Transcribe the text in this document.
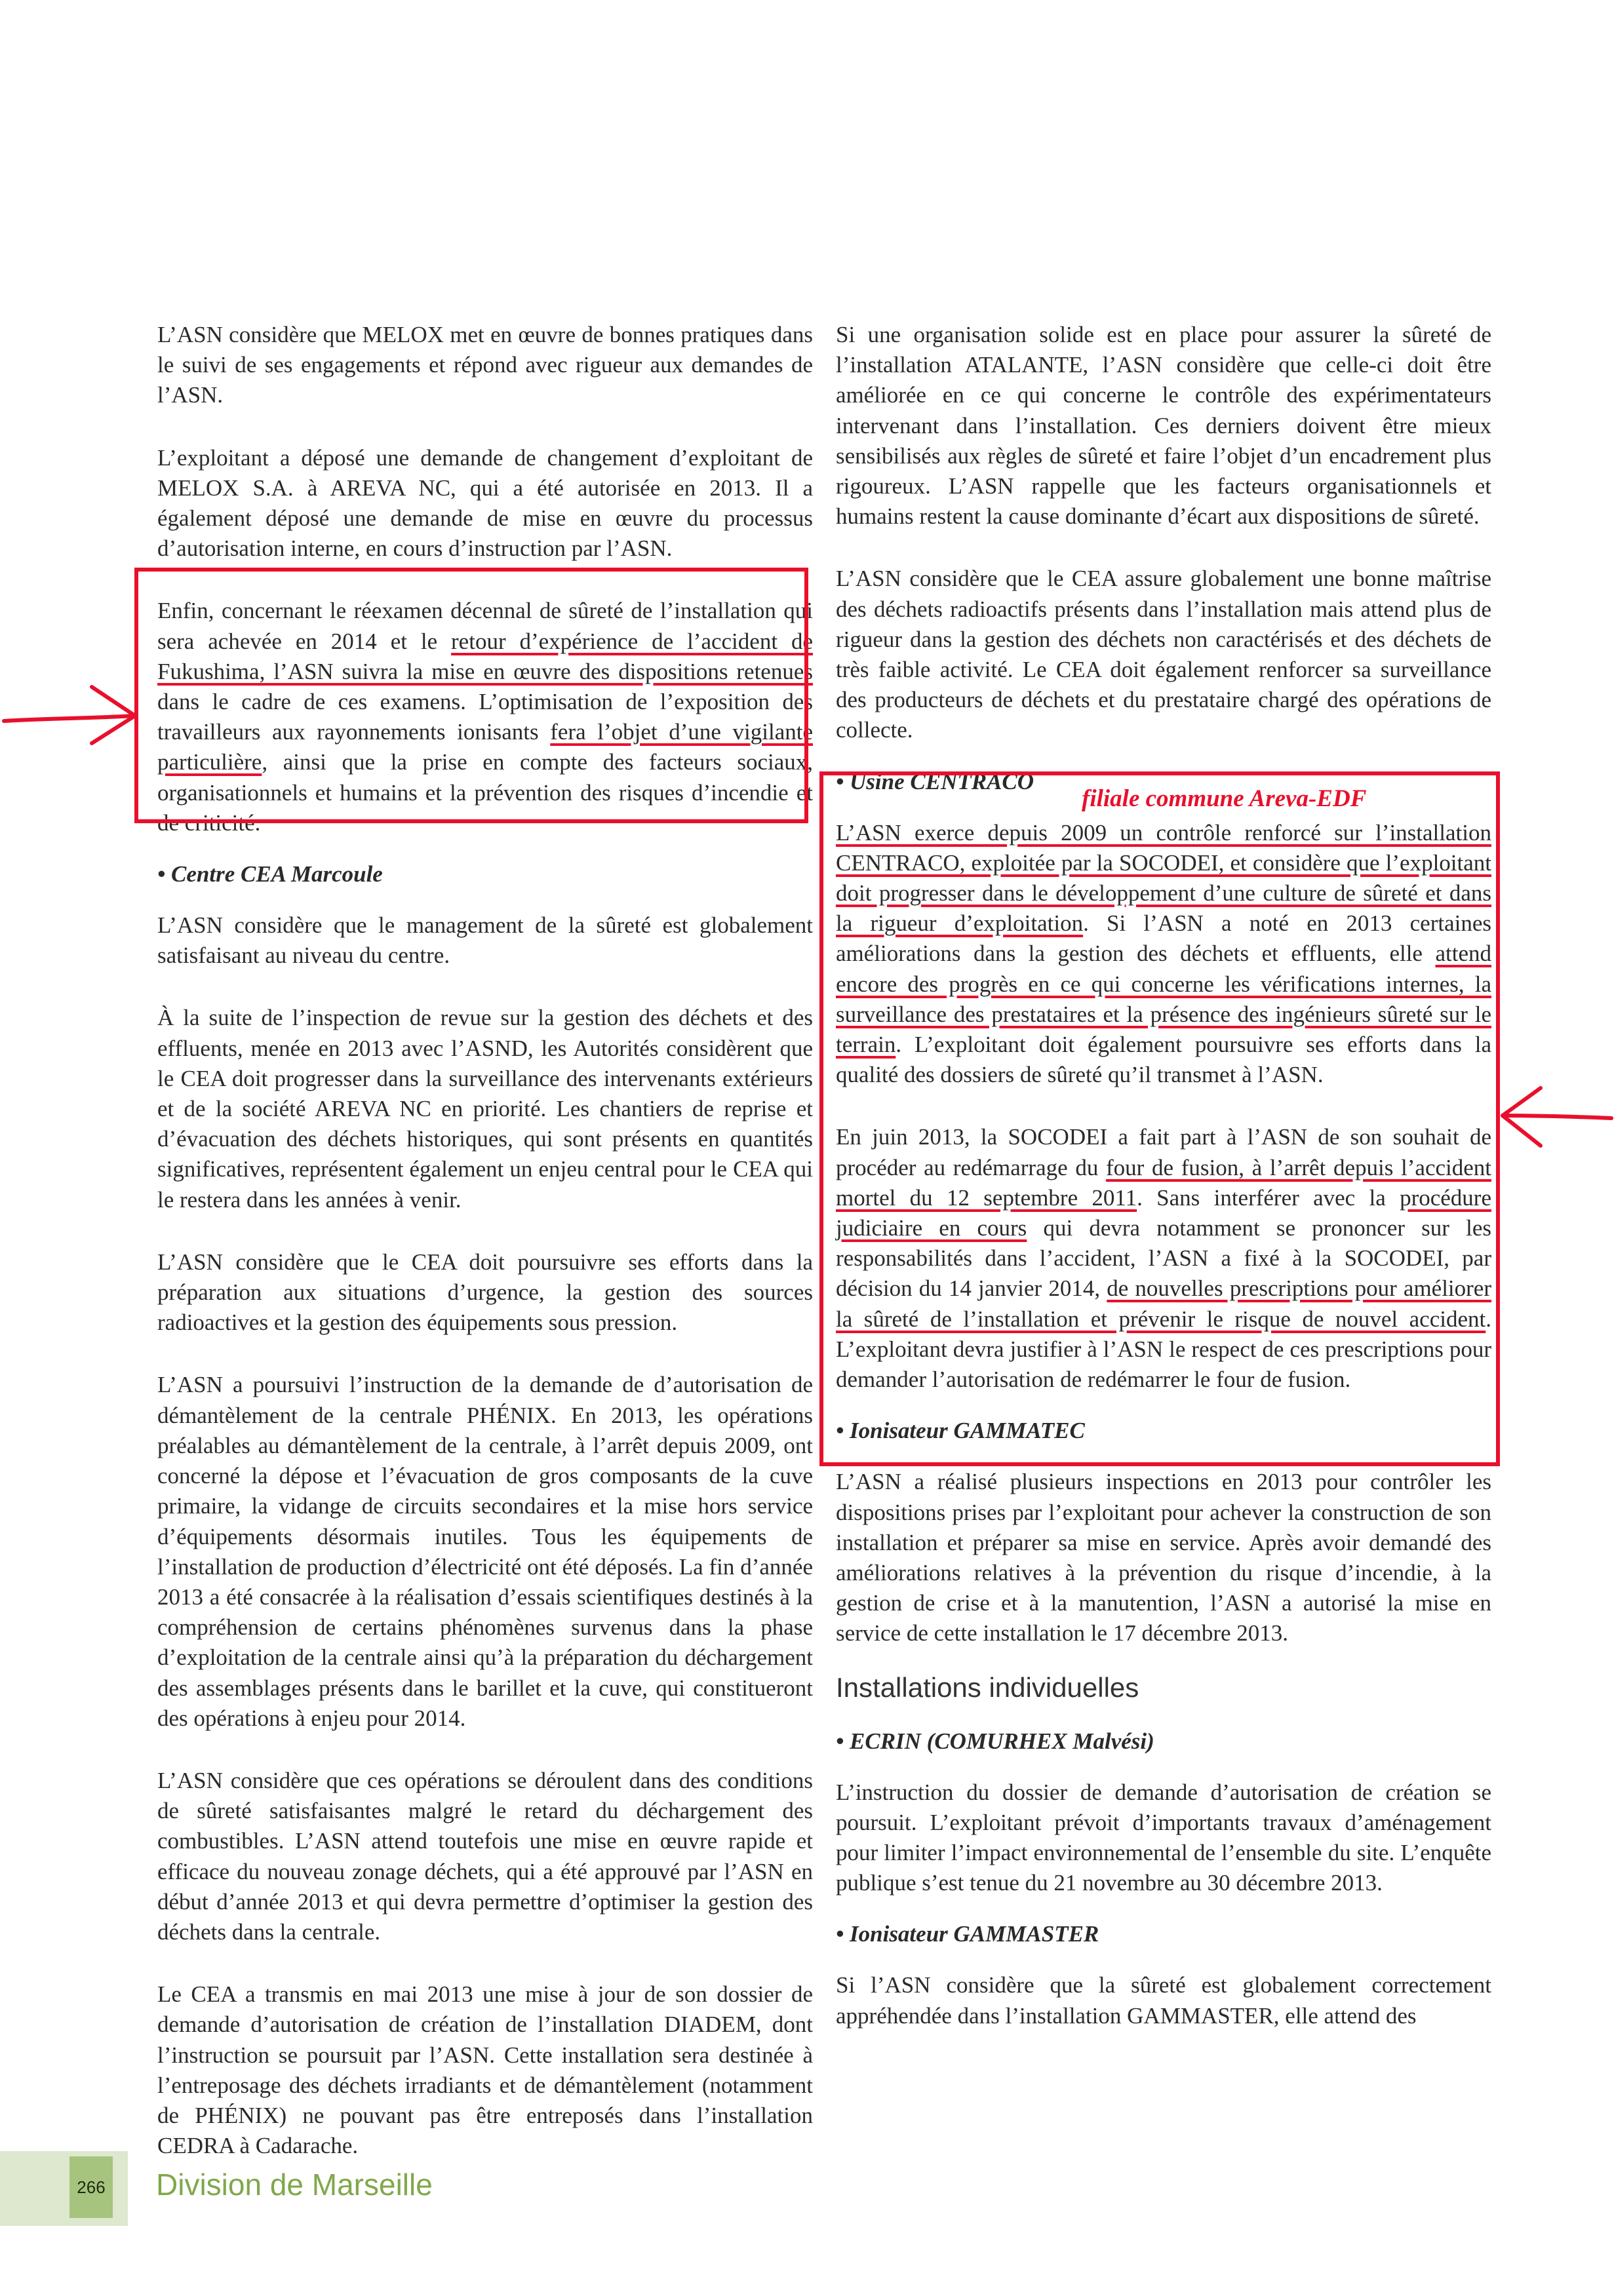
L’ASN considère que MELOX met en œuvre de bonnes pratiques dans le suivi de ses engagements et répond avec rigueur aux demandes de l’ASN.

L’exploitant a déposé une demande de changement d’exploitant de MELOX S.A. à AREVA NC, qui a été autorisée en 2013. Il a également déposé une demande de mise en œuvre du processus d’autorisation interne, en cours d’instruction par l’ASN.

Enfin, concernant le réexamen décennal de sûreté de l’installation qui sera achevée en 2014 et le retour d’expérience de l’accident de Fukushima, l’ASN suivra la mise en œuvre des dispositions retenues dans le cadre de ces examens. L’optimisation de l’exposition des travailleurs aux rayonnements ionisants fera l’objet d’une vigilante particulière, ainsi que la prise en compte des facteurs sociaux, organisationnels et humains et la prévention des risques d’incendie et de criticité.

• Centre CEA Marcoule

L’ASN considère que le management de la sûreté est globalement satisfaisant au niveau du centre.

À la suite de l’inspection de revue sur la gestion des déchets et des effluents, menée en 2013 avec l’ASND, les Autorités considèrent que le CEA doit progresser dans la surveillance des intervenants extérieurs et de la société AREVA NC en priorité. Les chantiers de reprise et d’évacuation des déchets historiques, qui sont présents en quantités significatives, représentent également un enjeu central pour le CEA qui le restera dans les années à venir.

L’ASN considère que le CEA doit poursuivre ses efforts dans la préparation aux situations d’urgence, la gestion des sources radioactives et la gestion des équipements sous pression.

L’ASN a poursuivi l’instruction de la demande de d’autorisation de démantèlement de la centrale PHÉNIX. En 2013, les opérations préalables au démantèlement de la centrale, à l’arrêt depuis 2009, ont concerné la dépose et l’évacuation de gros composants de la cuve primaire, la vidange de circuits secondaires et la mise hors service d’équipements désormais inutiles. Tous les équipements de l’installation de production d’électricité ont été déposés. La fin d’année 2013 a été consacrée à la réalisation d’essais scientifiques destinés à la compréhension de certains phénomènes survenus dans la phase d’exploitation de la centrale ainsi qu’à la préparation du déchargement des assemblages présents dans le barillet et la cuve, qui constitueront des opérations à enjeu pour 2014.

L’ASN considère que ces opérations se déroulent dans des conditions de sûreté satisfaisantes malgré le retard du déchargement des combustibles. L’ASN attend toutefois une mise en œuvre rapide et efficace du nouveau zonage déchets, qui a été approuvé par l’ASN en début d’année 2013 et qui devra permettre d’optimiser la gestion des déchets dans la centrale.

Le CEA a transmis en mai 2013 une mise à jour de son dossier de demande d’autorisation de création de l’installation DIADEM, dont l’instruction se poursuit par l’ASN. Cette installation sera destinée à l’entreposage des déchets irradiants et de démantèlement (notamment de PHÉNIX) ne pouvant pas être entreposés dans l’installation CEDRA à Cadarache.

Si une organisation solide est en place pour assurer la sûreté de l’installation ATALANTE, l’ASN considère que celle-ci doit être améliorée en ce qui concerne le contrôle des expérimentateurs intervenant dans l’installation. Ces derniers doivent être mieux sensibilisés aux règles de sûreté et faire l’objet d’un encadrement plus rigoureux. L’ASN rappelle que les facteurs organisationnels et humains restent la cause dominante d’écart aux dispositions de sûreté.

L’ASN considère que le CEA assure globalement une bonne maîtrise des déchets radioactifs présents dans l’installation mais attend plus de rigueur dans la gestion des déchets non caractérisés et des déchets de très faible activité. Le CEA doit également renforcer sa surveillance des producteurs de déchets et du prestataire chargé des opérations de collecte.

• Usine CENTRACO

L’ASN exerce depuis 2009 un contrôle renforcé sur l’installation CENTRACO, exploitée par la SOCODEI, et considère que l’exploitant doit progresser dans le développement d’une culture de sûreté et dans la rigueur d’exploitation. Si l’ASN a noté en 2013 certaines améliorations dans la gestion des déchets et effluents, elle attend encore des progrès en ce qui concerne les vérifications internes, la surveillance des prestataires et la présence des ingénieurs sûreté sur le terrain. L’exploitant doit également poursuivre ses efforts dans la qualité des dossiers de sûreté qu’il transmet à l’ASN.

En juin 2013, la SOCODEI a fait part à l’ASN de son souhait de procéder au redémarrage du four de fusion, à l’arrêt depuis l’accident mortel du 12 septembre 2011. Sans interférer avec la procédure judiciaire en cours qui devra notamment se prononcer sur les responsabilités dans l’accident, l’ASN a fixé à la SOCODEI, par décision du 14 janvier 2014, de nouvelles prescriptions pour améliorer la sûreté de l’installation et prévenir le risque de nouvel accident. L’exploitant devra justifier à l’ASN le respect de ces prescriptions pour demander l’autorisation de redémarrer le four de fusion.

• Ionisateur GAMMATEC

L’ASN a réalisé plusieurs inspections en 2013 pour contrôler les dispositions prises par l’exploitant pour achever la construction de son installation et préparer sa mise en service. Après avoir demandé des améliorations relatives à la prévention du risque d’incendie, à la gestion de crise et à la manutention, l’ASN a autorisé la mise en service de cette installation le 17 décembre 2013.

Installations individuelles
• ECRIN (COMURHEX Malvési)

L’instruction du dossier de demande d’autorisation de création se poursuit. L’exploitant prévoit d’importants travaux d’aménagement pour limiter l’impact environnemental de l’ensemble du site. L’enquête publique s’est tenue du 21 novembre au 30 décembre 2013.

• Ionisateur GAMMASTER

Si l’ASN considère que la sûreté est globalement correctement appréhendée dans l’installation GAMMASTER, elle attend des

filiale commune Areva-EDF
266 Division de Marseille
